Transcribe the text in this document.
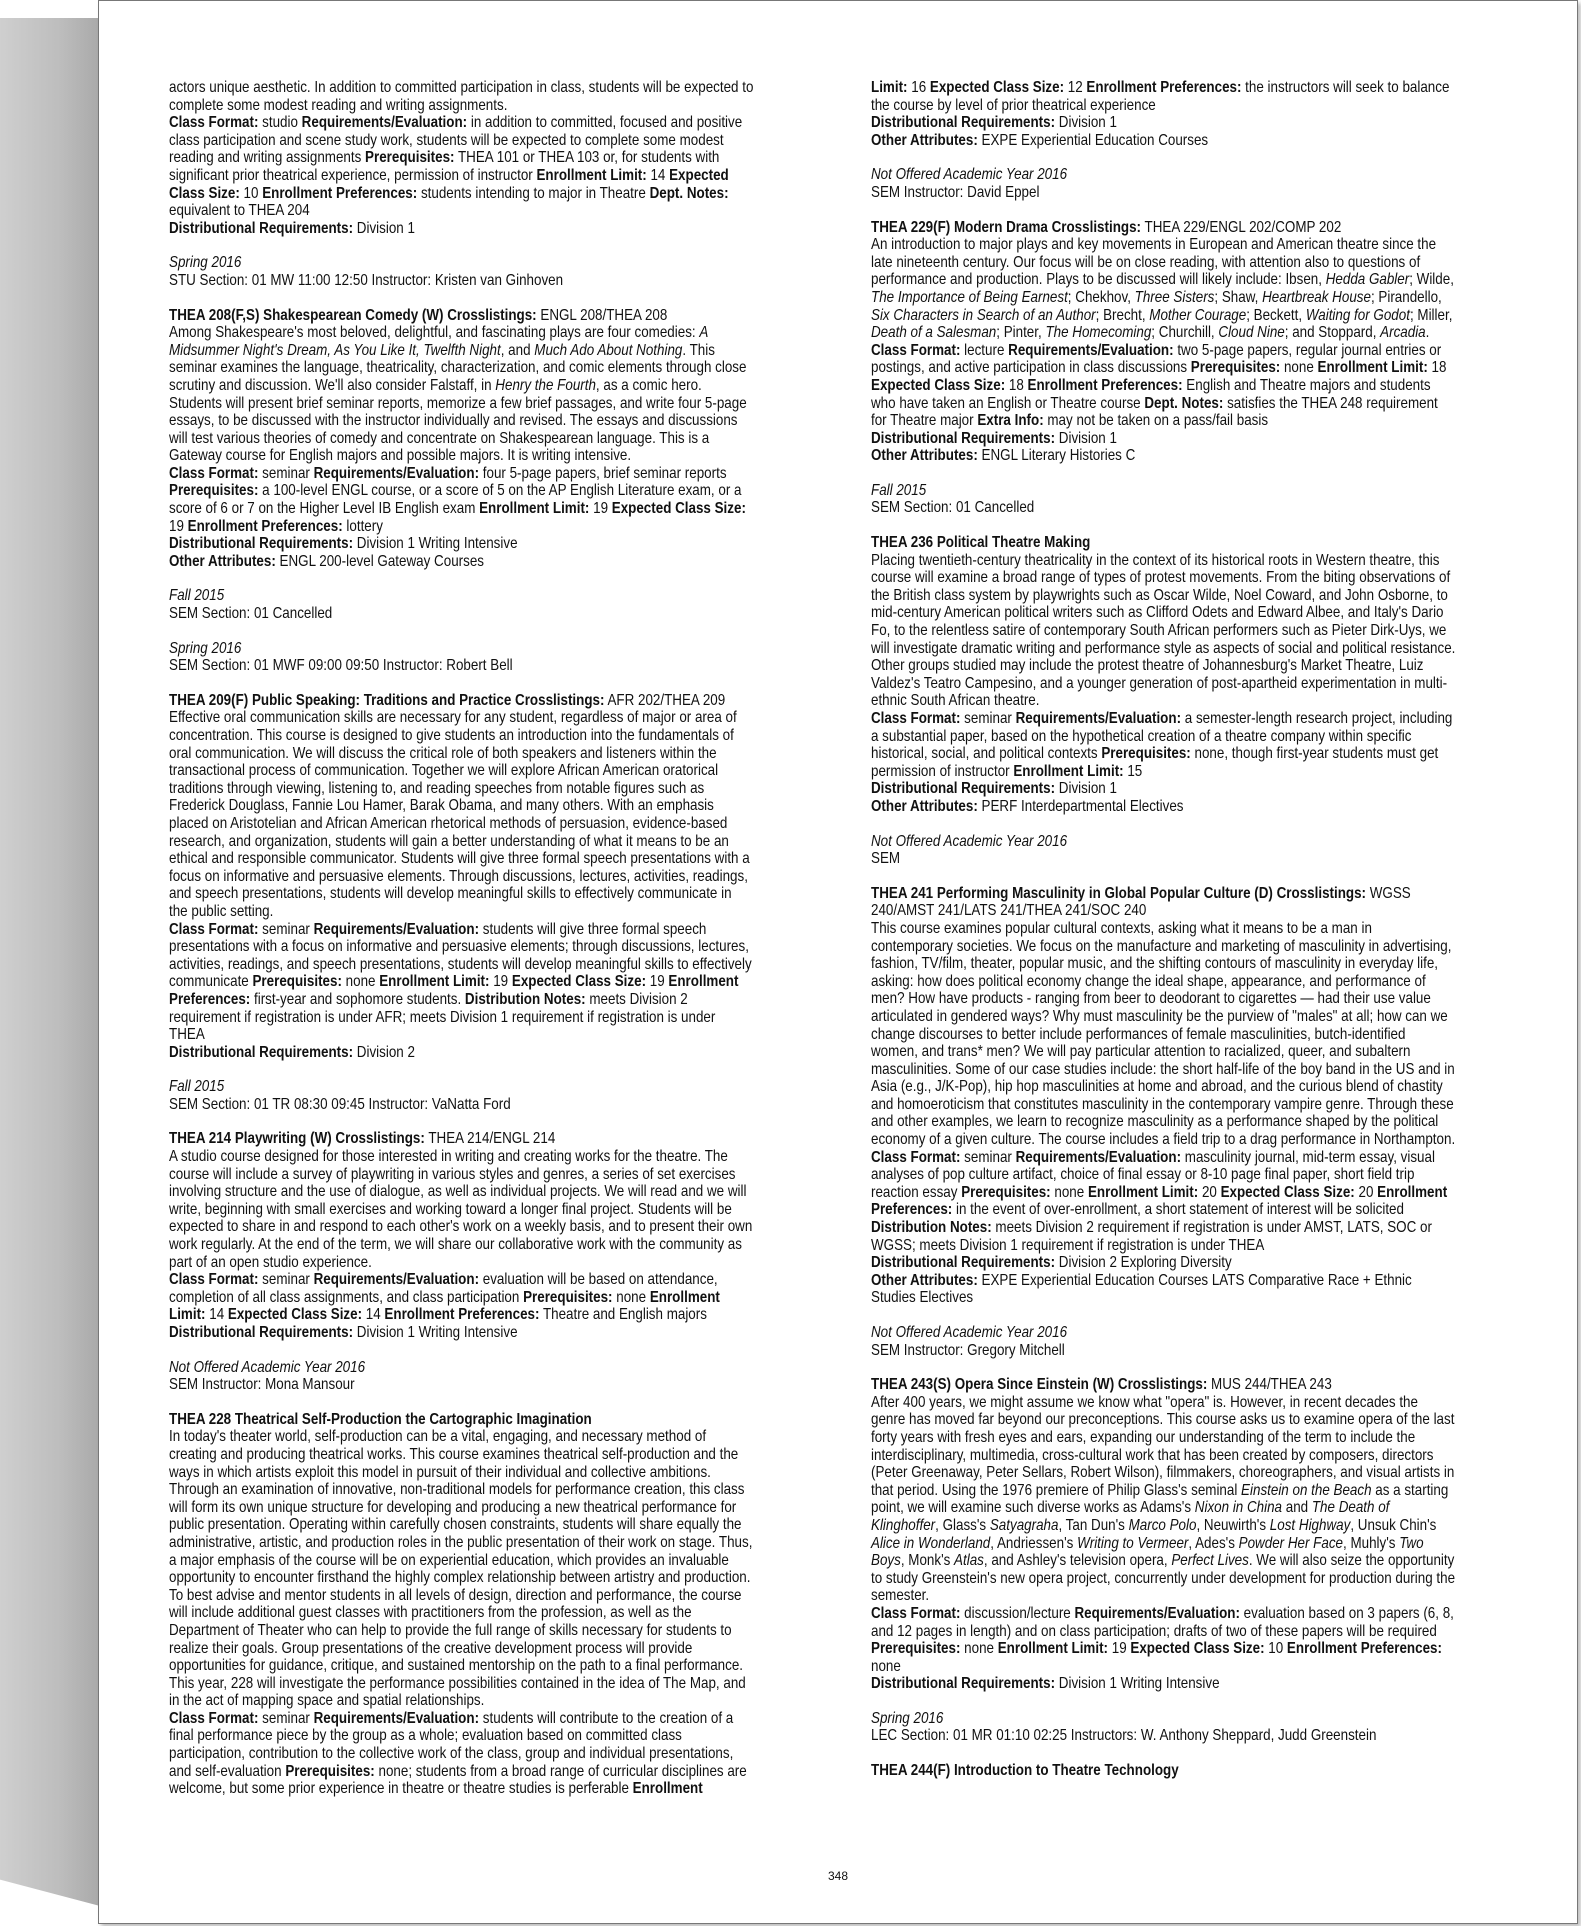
actors unique aesthetic. In addition to committed participation in class, students will be expected to complete some modest reading and writing assignments.

Class Format: studio Requirements/Evaluation: in addition to committed, focused and positive class participation and scene study work, students will be expected to complete some modest reading and writing assignments Prerequisites: THEA 101 or THEA 103 or, for students with significant prior theatrical experience, permission of instructor Enrollment Limit: 14 Expected Class Size: 10 Enrollment Preferences: students intending to major in Theatre Dept. Notes: equivalent to THEA 204

Distributional Requirements: Division 1

Spring 2016

STU Section: 01 MW 11:00 12:50 Instructor: Kristen van Ginhoven

THEA 208(F,S) Shakespearean Comedy (W) Crosslistings: ENGL 208/THEA 208

Among Shakespeare's most beloved, delightful, and fascinating plays are four comedies: A Midsummer Night's Dream, As You Like It, Twelfth Night, and Much Ado About Nothing. This seminar examines the language, theatricality, characterization, and comic elements through close scrutiny and discussion. We'll also consider Falstaff, in Henry the Fourth, as a comic hero. Students will present brief seminar reports, memorize a few brief passages, and write four 5-page essays, to be discussed with the instructor individually and revised. The essays and discussions will test various theories of comedy and concentrate on Shakespearean language. This is a Gateway course for English majors and possible majors. It is writing intensive.

Class Format: seminar Requirements/Evaluation: four 5-page papers, brief seminar reports Prerequisites: a 100-level ENGL course, or a score of 5 on the AP English Literature exam, or a score of 6 or 7 on the Higher Level IB English exam Enrollment Limit: 19 Expected Class Size: 19 Enrollment Preferences: lottery

Distributional Requirements: Division 1 Writing Intensive

Other Attributes: ENGL 200-level Gateway Courses

Fall 2015

SEM Section: 01 Cancelled

Spring 2016

SEM Section: 01 MWF 09:00 09:50 Instructor: Robert Bell

THEA 209(F) Public Speaking: Traditions and Practice Crosslistings: AFR 202/THEA 209

Effective oral communication skills are necessary for any student, regardless of major or area of concentration. This course is designed to give students an introduction into the fundamentals of oral communication. We will discuss the critical role of both speakers and listeners within the transactional process of communication. Together we will explore African American oratorical traditions through viewing, listening to, and reading speeches from notable figures such as Frederick Douglass, Fannie Lou Hamer, Barak Obama, and many others. With an emphasis placed on Aristotelian and African American rhetorical methods of persuasion, evidence-based research, and organization, students will gain a better understanding of what it means to be an ethical and responsible communicator. Students will give three formal speech presentations with a focus on informative and persuasive elements. Through discussions, lectures, activities, readings, and speech presentations, students will develop meaningful skills to effectively communicate in the public setting.

Class Format: seminar Requirements/Evaluation: students will give three formal speech presentations with a focus on informative and persuasive elements; through discussions, lectures, activities, readings, and speech presentations, students will develop meaningful skills to effectively communicate Prerequisites: none Enrollment Limit: 19 Expected Class Size: 19 Enrollment Preferences: first-year and sophomore students. Distribution Notes: meets Division 2 requirement if registration is under AFR; meets Division 1 requirement if registration is under THEA

Distributional Requirements: Division 2

Fall 2015

SEM Section: 01 TR 08:30 09:45 Instructor: VaNatta Ford

THEA 214 Playwriting (W) Crosslistings: THEA 214/ENGL 214

A studio course designed for those interested in writing and creating works for the theatre. The course will include a survey of playwriting in various styles and genres, a series of set exercises involving structure and the use of dialogue, as well as individual projects. We will read and we will write, beginning with small exercises and working toward a longer final project. Students will be expected to share in and respond to each other's work on a weekly basis, and to present their own work regularly. At the end of the term, we will share our collaborative work with the community as part of an open studio experience.

Class Format: seminar Requirements/Evaluation: evaluation will be based on attendance, completion of all class assignments, and class participation Prerequisites: none Enrollment Limit: 14 Expected Class Size: 14 Enrollment Preferences: Theatre and English majors

Distributional Requirements: Division 1 Writing Intensive

Not Offered Academic Year 2016

SEM Instructor: Mona Mansour

THEA 228 Theatrical Self-Production the Cartographic Imagination

In today's theater world, self-production can be a vital, engaging, and necessary method of creating and producing theatrical works. This course examines theatrical self-production and the ways in which artists exploit this model in pursuit of their individual and collective ambitions. Through an examination of innovative, non-traditional models for performance creation, this class will form its own unique structure for developing and producing a new theatrical performance for public presentation. Operating within carefully chosen constraints, students will share equally the administrative, artistic, and production roles in the public presentation of their work on stage. Thus, a major emphasis of the course will be on experiential education, which provides an invaluable opportunity to encounter firsthand the highly complex relationship between artistry and production. To best advise and mentor students in all levels of design, direction and performance, the course will include additional guest classes with practitioners from the profession, as well as the Department of Theater who can help to provide the full range of skills necessary for students to realize their goals. Group presentations of the creative development process will provide opportunities for guidance, critique, and sustained mentorship on the path to a final performance. This year, 228 will investigate the performance possibilities contained in the idea of The Map, and in the act of mapping space and spatial relationships.

Class Format: seminar Requirements/Evaluation: students will contribute to the creation of a final performance piece by the group as a whole; evaluation based on committed class participation, contribution to the collective work of the class, group and individual presentations, and self-evaluation Prerequisites: none; students from a broad range of curricular disciplines are welcome, but some prior experience in theatre or theatre studies is perferable Enrollment

Limit: 16 Expected Class Size: 12 Enrollment Preferences: the instructors will seek to balance the course by level of prior theatrical experience

Distributional Requirements: Division 1

Other Attributes: EXPE Experiential Education Courses

Not Offered Academic Year 2016

SEM Instructor: David Eppel

THEA 229(F) Modern Drama Crosslistings: THEA 229/ENGL 202/COMP 202

An introduction to major plays and key movements in European and American theatre since the late nineteenth century. Our focus will be on close reading, with attention also to questions of performance and production. Plays to be discussed will likely include: Ibsen, Hedda Gabler; Wilde, The Importance of Being Earnest; Chekhov, Three Sisters; Shaw, Heartbreak House; Pirandello, Six Characters in Search of an Author; Brecht, Mother Courage; Beckett, Waiting for Godot; Miller, Death of a Salesman; Pinter, The Homecoming; Churchill, Cloud Nine; and Stoppard, Arcadia.

Class Format: lecture Requirements/Evaluation: two 5-page papers, regular journal entries or postings, and active participation in class discussions Prerequisites: none Enrollment Limit: 18 Expected Class Size: 18 Enrollment Preferences: English and Theatre majors and students who have taken an English or Theatre course Dept. Notes: satisfies the THEA 248 requirement for Theatre major Extra Info: may not be taken on a pass/fail basis

Distributional Requirements: Division 1

Other Attributes: ENGL Literary Histories C

Fall 2015

SEM Section: 01 Cancelled

THEA 236 Political Theatre Making

Placing twentieth-century theatricality in the context of its historical roots in Western theatre, this course will examine a broad range of types of protest movements. From the biting observations of the British class system by playwrights such as Oscar Wilde, Noel Coward, and John Osborne, to mid-century American political writers such as Clifford Odets and Edward Albee, and Italy's Dario Fo, to the relentless satire of contemporary South African performers such as Pieter Dirk-Uys, we will investigate dramatic writing and performance style as aspects of social and political resistance. Other groups studied may include the protest theatre of Johannesburg's Market Theatre, Luiz Valdez's Teatro Campesino, and a younger generation of post-apartheid experimentation in multi-ethnic South African theatre.

Class Format: seminar Requirements/Evaluation: a semester-length research project, including a substantial paper, based on the hypothetical creation of a theatre company within specific historical, social, and political contexts Prerequisites: none, though first-year students must get permission of instructor Enrollment Limit: 15

Distributional Requirements: Division 1

Other Attributes: PERF Interdepartmental Electives

Not Offered Academic Year 2016

SEM

THEA 241 Performing Masculinity in Global Popular Culture (D) Crosslistings: WGSS 240/AMST 241/LATS 241/THEA 241/SOC 240

This course examines popular cultural contexts, asking what it means to be a man in contemporary societies. We focus on the manufacture and marketing of masculinity in advertising, fashion, TV/film, theater, popular music, and the shifting contours of masculinity in everyday life, asking: how does political economy change the ideal shape, appearance, and performance of men? How have products - ranging from beer to deodorant to cigarettes — had their use value articulated in gendered ways? Why must masculinity be the purview of "males" at all; how can we change discourses to better include performances of female masculinities, butch-identified women, and trans* men? We will pay particular attention to racialized, queer, and subaltern masculinities. Some of our case studies include: the short half-life of the boy band in the US and in Asia (e.g., J/K-Pop), hip hop masculinities at home and abroad, and the curious blend of chastity and homoeroticism that constitutes masculinity in the contemporary vampire genre. Through these and other examples, we learn to recognize masculinity as a performance shaped by the political economy of a given culture. The course includes a field trip to a drag performance in Northampton.

Class Format: seminar Requirements/Evaluation: masculinity journal, mid-term essay, visual analyses of pop culture artifact, choice of final essay or 8-10 page final paper, short field trip reaction essay Prerequisites: none Enrollment Limit: 20 Expected Class Size: 20 Enrollment Preferences: in the event of over-enrollment, a short statement of interest will be solicited Distribution Notes: meets Division 2 requirement if registration is under AMST, LATS, SOC or WGSS; meets Division 1 requirement if registration is under THEA

Distributional Requirements: Division 2 Exploring Diversity

Other Attributes: EXPE Experiential Education Courses LATS Comparative Race + Ethnic Studies Electives

Not Offered Academic Year 2016

SEM Instructor: Gregory Mitchell

THEA 243(S) Opera Since Einstein (W) Crosslistings: MUS 244/THEA 243

After 400 years, we might assume we know what "opera" is. However, in recent decades the genre has moved far beyond our preconceptions. This course asks us to examine opera of the last forty years with fresh eyes and ears, expanding our understanding of the term to include the interdisciplinary, multimedia, cross-cultural work that has been created by composers, directors (Peter Greenaway, Peter Sellars, Robert Wilson), filmmakers, choreographers, and visual artists in that period. Using the 1976 premiere of Philip Glass's seminal Einstein on the Beach as a starting point, we will examine such diverse works as Adams's Nixon in China and The Death of Klinghoffer, Glass's Satyagraha, Tan Dun's Marco Polo, Neuwirth's Lost Highway, Unsuk Chin's Alice in Wonderland, Andriessen's Writing to Vermeer, Ades's Powder Her Face, Muhly's Two Boys, Monk's Atlas, and Ashley's television opera, Perfect Lives. We will also seize the opportunity to study Greenstein's new opera project, concurrently under development for production during the semester.

Class Format: discussion/lecture Requirements/Evaluation: evaluation based on 3 papers (6, 8, and 12 pages in length) and on class participation; drafts of two of these papers will be required Prerequisites: none Enrollment Limit: 19 Expected Class Size: 10 Enrollment Preferences: none

Distributional Requirements: Division 1 Writing Intensive

Spring 2016

LEC Section: 01 MR 01:10 02:25 Instructors: W. Anthony Sheppard, Judd Greenstein

THEA 244(F) Introduction to Theatre Technology

348
